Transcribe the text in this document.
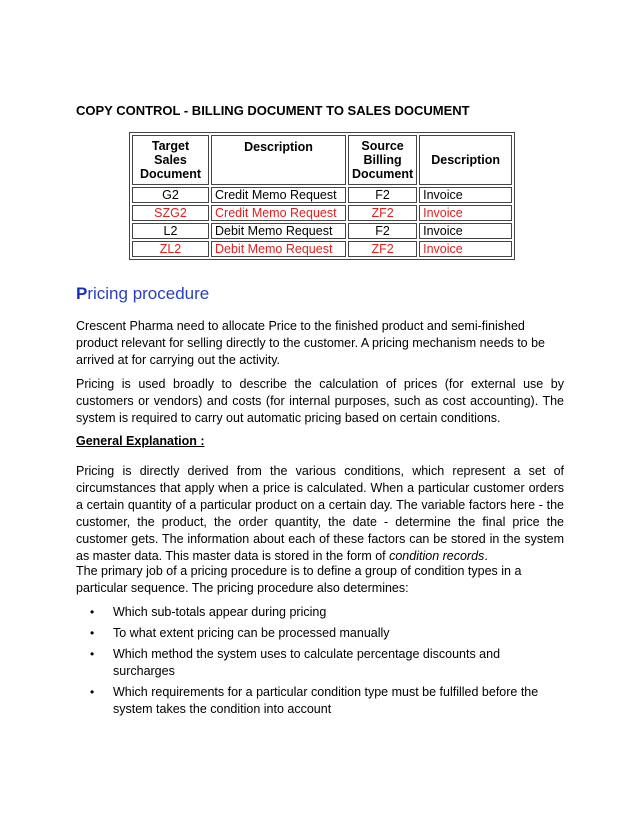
COPY CONTROL - BILLING DOCUMENT TO SALES DOCUMENT
Target Sales Document	Description	Source Billing Document	Description
G2	Credit Memo Request	F2	Invoice
SZG2	Credit Memo Request	ZF2	Invoice
L2	Debit Memo Request	F2	Invoice
ZL2	Debit Memo Request	ZF2	Invoice
Pricing procedure
Crescent Pharma need to allocate Price to the finished product and semi-finished product relevant for selling directly to the customer. A pricing mechanism needs to be arrived at for carrying out the activity.
Pricing is used broadly to describe the calculation of prices (for external use by customers or vendors) and costs (for internal purposes, such as cost accounting). The system is required to carry out automatic pricing based on certain conditions.
General Explanation :
Pricing is directly derived from the various conditions, which represent a set of circumstances that apply when a price is calculated. When a particular customer orders a certain quantity of a particular product on a certain day. The variable factors here - the customer, the product, the order quantity, the date - determine the final price the customer gets. The information about each of these factors can be stored in the system as master data. This master data is stored in the form of condition records.
The primary job of a pricing procedure is to define a group of condition types in a particular sequence. The pricing procedure also determines:
• Which sub-totals appear during pricing
• To what extent pricing can be processed manually
• Which method the system uses to calculate percentage discounts and surcharges
• Which requirements for a particular condition type must be fulfilled before the system takes the condition into account
